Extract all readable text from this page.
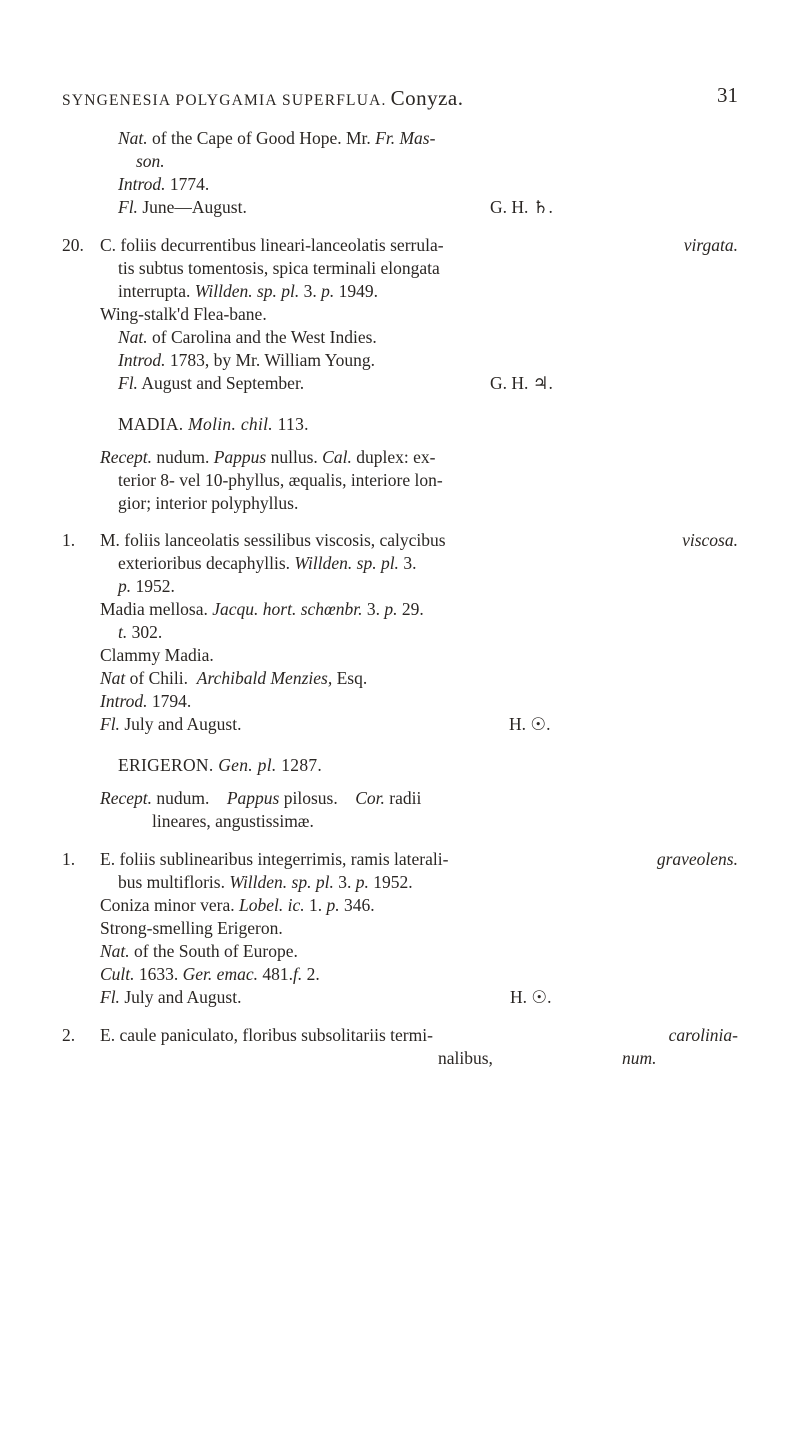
SYNGENESIA POLYGAMIA SUPERFLUA. Conyza.	31
Nat. of the Cape of Good Hope. Mr. Fr. Mas-
son.
Introd. 1774.
Fl. June—August.	G. H. ♄.
20. C. foliis decurrentibus lineari-lanceolatis serrula-	virgata.
tis subtus tomentosis, spica terminali elongata
interrupta. Willden. sp. pl. 3. p. 1949.
Wing-stalk'd Flea-bane.
Nat. of Carolina and the West Indies.
Introd. 1783, by Mr. William Young.
Fl. August and September.	G. H. ♃.
MADIA. Molin. chil. 113.
Recept. nudum. Pappus nullus. Cal. duplex: ex-
terior 8- vel 10-phyllus, æqualis, interiore lon-
gior; interior polyphyllus.
1. M. foliis lanceolatis sessilibus viscosis, calycibus	viscosa.
exterioribus decaphyllis. Willden. sp. pl. 3.
p. 1952.
Madia mellosa. Jacqu. hort. schœnbr. 3. p. 29.
t. 302.
Clammy Madia.
Nat of Chili. Archibald Menzies, Esq.
Introd. 1794.
Fl. July and August.	H. ☉.
ERIGERON. Gen. pl. 1287.
Recept. nudum. Pappus pilosus. Cor. radii
lineares, angustissimæ.
1. E. foliis sublinearibus integerrimis, ramis laterali-	graveolens.
bus multifloris. Willden. sp. pl. 3. p. 1952.
Coniza minor vera. Lobel. ic. 1. p. 346.
Strong-smelling Erigeron.
Nat. of the South of Europe.
Cult. 1633. Ger. emac. 481.f. 2.
Fl. July and August.	H. ☉.
2. E. caule paniculato, floribus subsolitariis termi-	carolinia-
nalibus,	num.
